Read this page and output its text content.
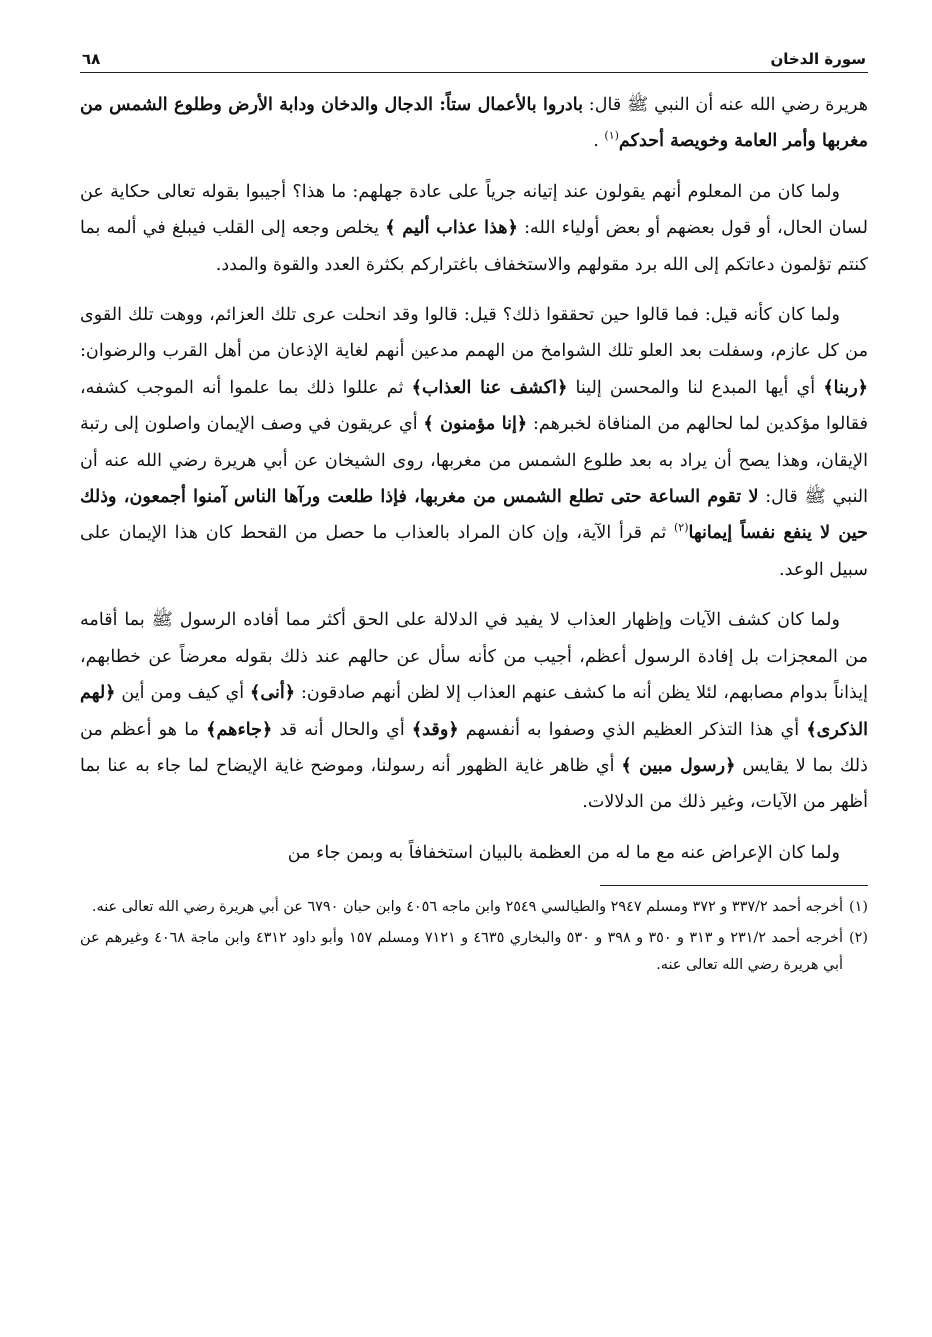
سورة الدخان
٦٨

هريرة رضي الله عنه أن النبي ﷺ قال: بادروا بالأعمال ستاً: الدجال والدخان ودابة الأرض وطلوع الشمس من مغربها وأمر العامة وخويصة أحدكم$^{(١)}$ .

ولما كان من المعلوم أنهم يقولون عند إتيانه جرياً على عادة جهلهم: ما هذا؟ أجيبوا بقوله تعالى حكاية عن لسان الحال، أو قول بعضهم أو بعض أولياء الله: ﴿هذا عذاب أليم ﴾ يخلص وجعه إلى القلب فيبلغ في ألمه بما كنتم تؤلمون دعاتكم إلى الله برد مقولهم والاستخفاف باغتراركم بكثرة العدد والقوة والمدد.

ولما كان كأنه قيل: فما قالوا حين تحققوا ذلك؟ قيل: قالوا وقد انحلت عرى تلك العزائم، ووهت تلك القوى من كل عازم، وسفلت بعد العلو تلك الشوامخ من الهمم مدعين أنهم لغاية الإذعان من أهل القرب والرضوان: ﴿ربنا﴾ أي أيها المبدع لنا والمحسن إلينا ﴿اكشف عنا العذاب﴾ ثم عللوا ذلك بما علموا أنه الموجب كشفه، فقالوا مؤكدين لما لحالهم من المنافاة لخبرهم: ﴿إنا مؤمنون ﴾ أي عريقون في وصف الإيمان واصلون إلى رتبة الإيقان، وهذا يصح أن يراد به بعد طلوع الشمس من مغربها، روى الشيخان عن أبي هريرة رضي الله عنه أن النبي ﷺ قال: لا تقوم الساعة حتى تطلع الشمس من مغربها، فإذا طلعت ورآها الناس آمنوا أجمعون، وذلك حين لا ينفع نفساً إيمانها$^{(٢)}$ ثم قرأ الآية، وإن كان المراد بالعذاب ما حصل من القحط كان هذا الإيمان على سبيل الوعد.

ولما كان كشف الآيات وإظهار العذاب لا يفيد في الدلالة على الحق أكثر مما أفاده الرسول ﷺ بما أقامه من المعجزات بل إفادة الرسول أعظم، أجيب من كأنه سأل عن حالهم عند ذلك بقوله معرضاً عن خطابهم، إيذاناً بدوام مصابهم، لئلا يظن أنه ما كشف عنهم العذاب إلا لظن أنهم صادقون: ﴿أنى﴾ أي كيف ومن أين ﴿لهم الذكرى﴾ أي هذا التذكر العظيم الذي وصفوا به أنفسهم ﴿وقد﴾ أي والحال أنه قد ﴿جاءهم﴾ ما هو أعظم من ذلك بما لا يقايس ﴿رسول مبين ﴾ أي ظاهر غاية الظهور أنه رسولنا، وموضح غاية الإيضاح لما جاء به عنا بما أظهر من الآيات، وغير ذلك من الدلالات.

ولما كان الإعراض عنه مع ما له من العظمة بالبيان استخفافاً به وبمن جاء من

(١)
أخرجه أحمد ٣٣٧/٢ و ٣٧٢ ومسلم ٢٩٤٧ والطيالسي ٢٥٤٩ وابن ماجه ٤٠٥٦ وابن حبان ٦٧٩٠ عن أبي هريرة رضي الله تعالى عنه.
(٢)
أخرجه أحمد ٢٣١/٢ و ٣١٣ و ٣٥٠ و ٣٩٨ و ٥٣٠ والبخاري ٤٦٣٥ و ٧١٢١ ومسلم ١٥٧ وأبو داود ٤٣١٢ وابن ماجة ٤٠٦٨ وغيرهم عن أبي هريرة رضي الله تعالى عنه.
